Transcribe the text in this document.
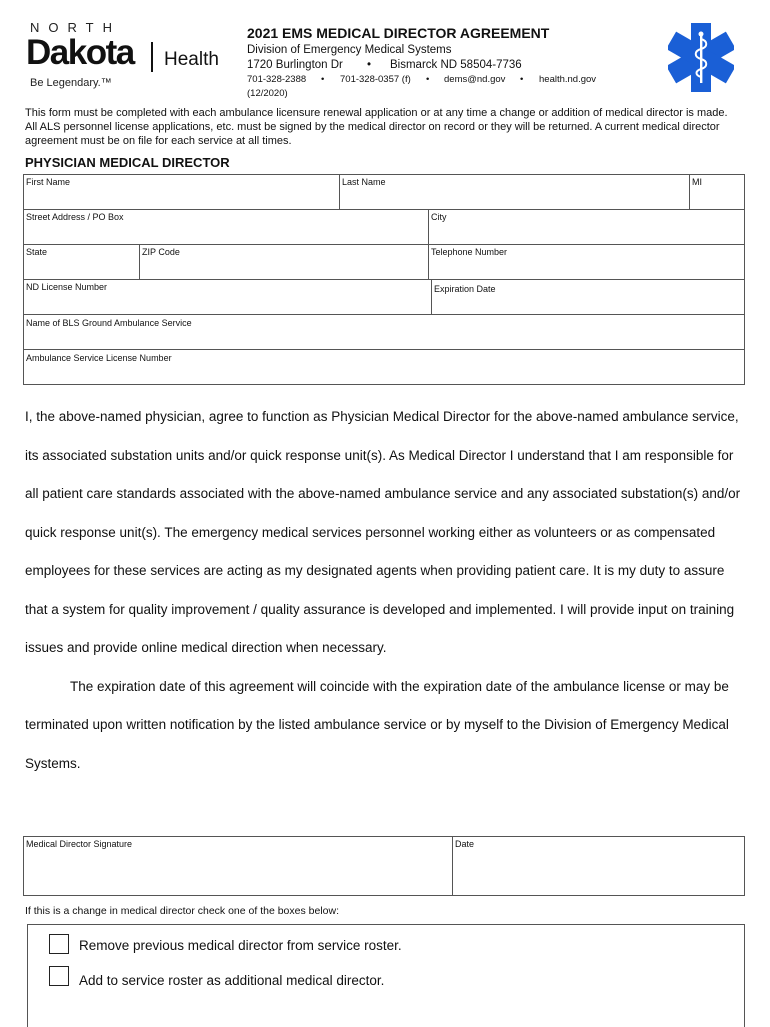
NORTH
Dakota Health
Be Legendary.™
2021 EMS MEDICAL DIRECTOR AGREEMENT
Division of Emergency Medical Systems
1720 Burlington Dr • Bismarck ND 58504-7736
701-328-2388 • 701-328-0357 (f) • dems@nd.gov • health.nd.gov
(12/2020)
This form must be completed with each ambulance licensure renewal application or at any time a change or addition of medical director is made. All ALS personnel license applications, etc. must be signed by the medical director on record or they will be returned. A current medical director agreement must be on file for each service at all times.
PHYSICIAN MEDICAL DIRECTOR
First Name	Last Name	MI
Street Address / PO Box	City
State	ZIP Code	Telephone Number
ND License Number	Expiration Date
Name of BLS Ground Ambulance Service
Ambulance Service License Number

I, the above-named physician, agree to function as Physician Medical Director for the above-named ambulance service, its associated substation units and/or quick response unit(s). As Medical Director I understand that I am responsible for all patient care standards associated with the above-named ambulance service and any associated substation(s) and/or quick response unit(s). The emergency medical services personnel working either as volunteers or as compensated employees for these services are acting as my designated agents when providing patient care. It is my duty to assure that a system for quality improvement / quality assurance is developed and implemented. I will provide input on training issues and provide online medical direction when necessary.

The expiration date of this agreement will coincide with the expiration date of the ambulance license or may be terminated upon written notification by the listed ambulance service or by myself to the Division of Emergency Medical Systems.

Medical Director Signature	Date
If this is a change in medical director check one of the boxes below:
Remove previous medical director from service roster.
Add to service roster as additional medical director.
